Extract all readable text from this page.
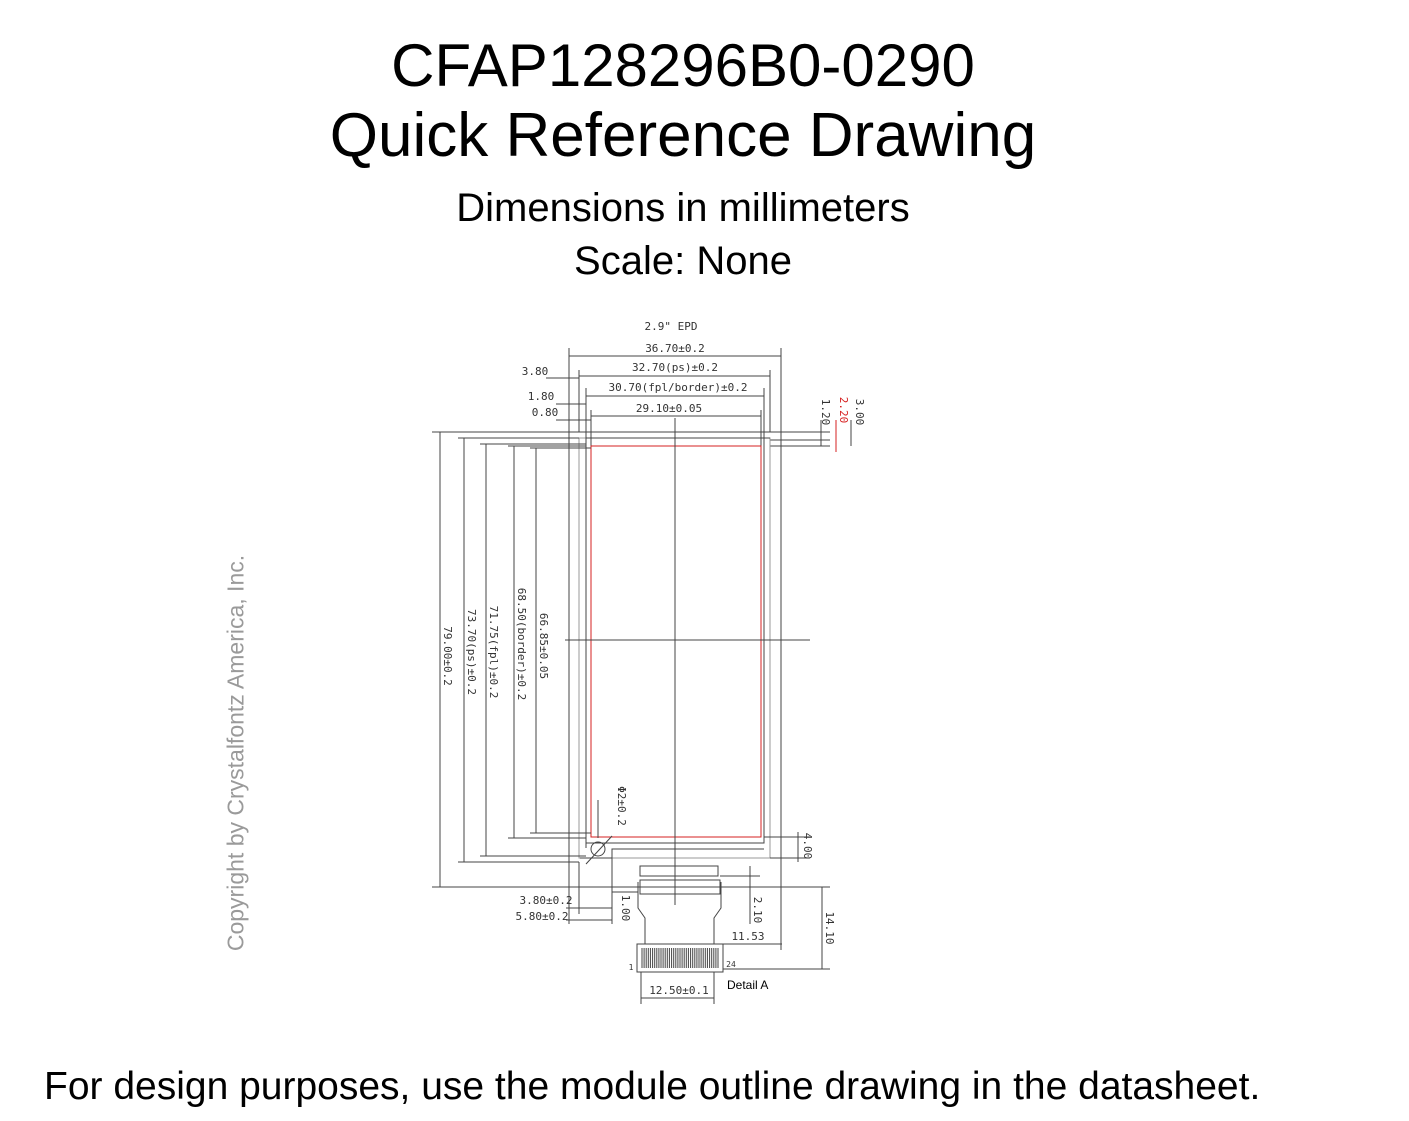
CFAP128296B0-0290
Quick Reference Drawing
Dimensions in millimeters
Scale: None
Copyright by Crystalfontz America, Inc.
2.9" EPD
36.70±0.2
32.70(ps)±0.2
30.70(fpl/border)±0.2
29.10±0.05
3.80
1.80
0.80	1.20 2.20 3.00
79.00±0.2 73.70(ps)±0.2 71.75(fpl)±0.2 68.50(border)±0.2 66.85±0.05
Φ2±0.2
4.00
1	24
3.80±0.2
5.80±0.2	1.00	2.10
11.53	14.10
12.50±0.1 Detail A
For design purposes, use the module outline drawing in the datasheet.
